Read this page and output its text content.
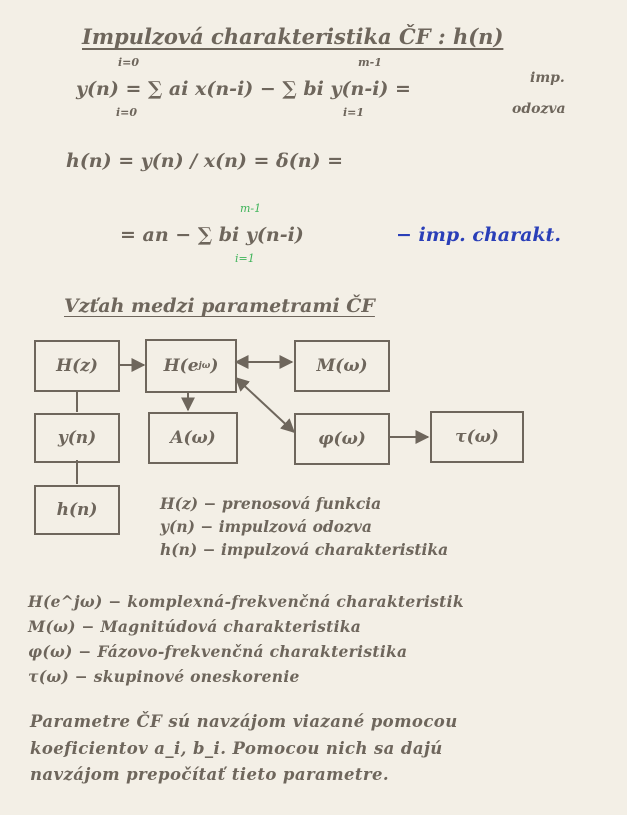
Impulzová charakteristika ČF : h(n)
i=0	m-1
y(n) = ∑ ai x(n-i) − ∑ bi y(n-i) =
i=0	i=1
imp.
odozva
h(n) = y(n) / x(n) = δ(n) =
m-1
= an − ∑ bi y(n-i)	− imp. charakt.
i=1
Vzťah medzi parametrami ČF
H(z)	H(e jω )	M(ω)
y(n)	A(ω)	φ(ω)	τ(ω)
h(n)	H(z) − prenosová funkcia
y(n) − impulzová odozva
h(n) − impulzová charakteristika
H(e^jω) − komplexná-frekvenčná charakteristik
M(ω) − Magnitúdová charakteristika
φ(ω) − Fázovo-frekvenčná charakteristika
τ(ω) − skupinové oneskorenie
Parametre ČF sú navzájom viazané pomocou
koeficientov a_i, b_i. Pomocou nich sa dajú
navzájom prepočítať tieto parametre.
